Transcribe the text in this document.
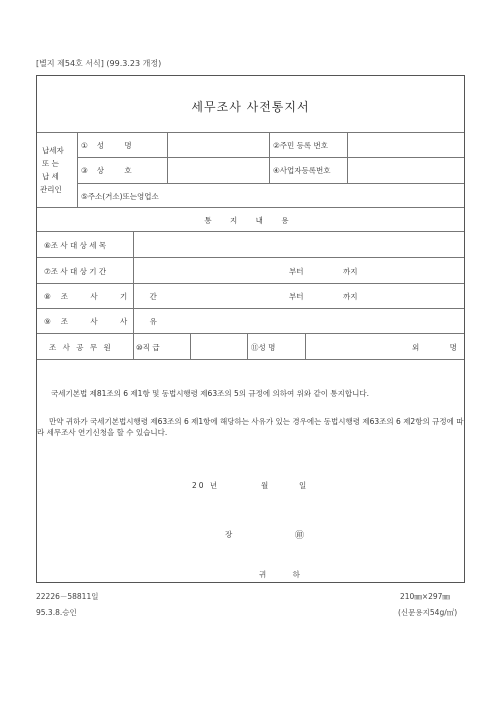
[별지 제54호 서식] (99.3.23 개정)
세무조사 사전통지서
납세자
또 는
납 세
관리인
①성 명	②주민 등록 번호
③상 호	④사업자등록번호
⑤주소(거소)또는영업소
통 지 내 용
⑥조 사 대 상 세 목
⑦조 사 대 상 기 간	부터	까지
⑧조 사 기 간	부터	까지
⑨조 사 사 유
조 사 공 무 원	⑩직 급	⑪성 명	외 명
국세기본법 제81조의 6 제1항 및 동법시행령 제63조의 5의 규정에 의하여 위와 같이 통지합니다.
만약 귀하가 국세기본법시행령 제63조의 6 제1항에 해당하는 사유가 있는 경우에는 동법시행령 제63조의 6 제2항의 규정에 따라 세무조사 연기신청을 할 수 있습니다.
20 년	월	일
장	㊞
귀 하
22226－58811일	210㎜×297㎜
95.3.8.승인	(신문용지54g/㎡)
